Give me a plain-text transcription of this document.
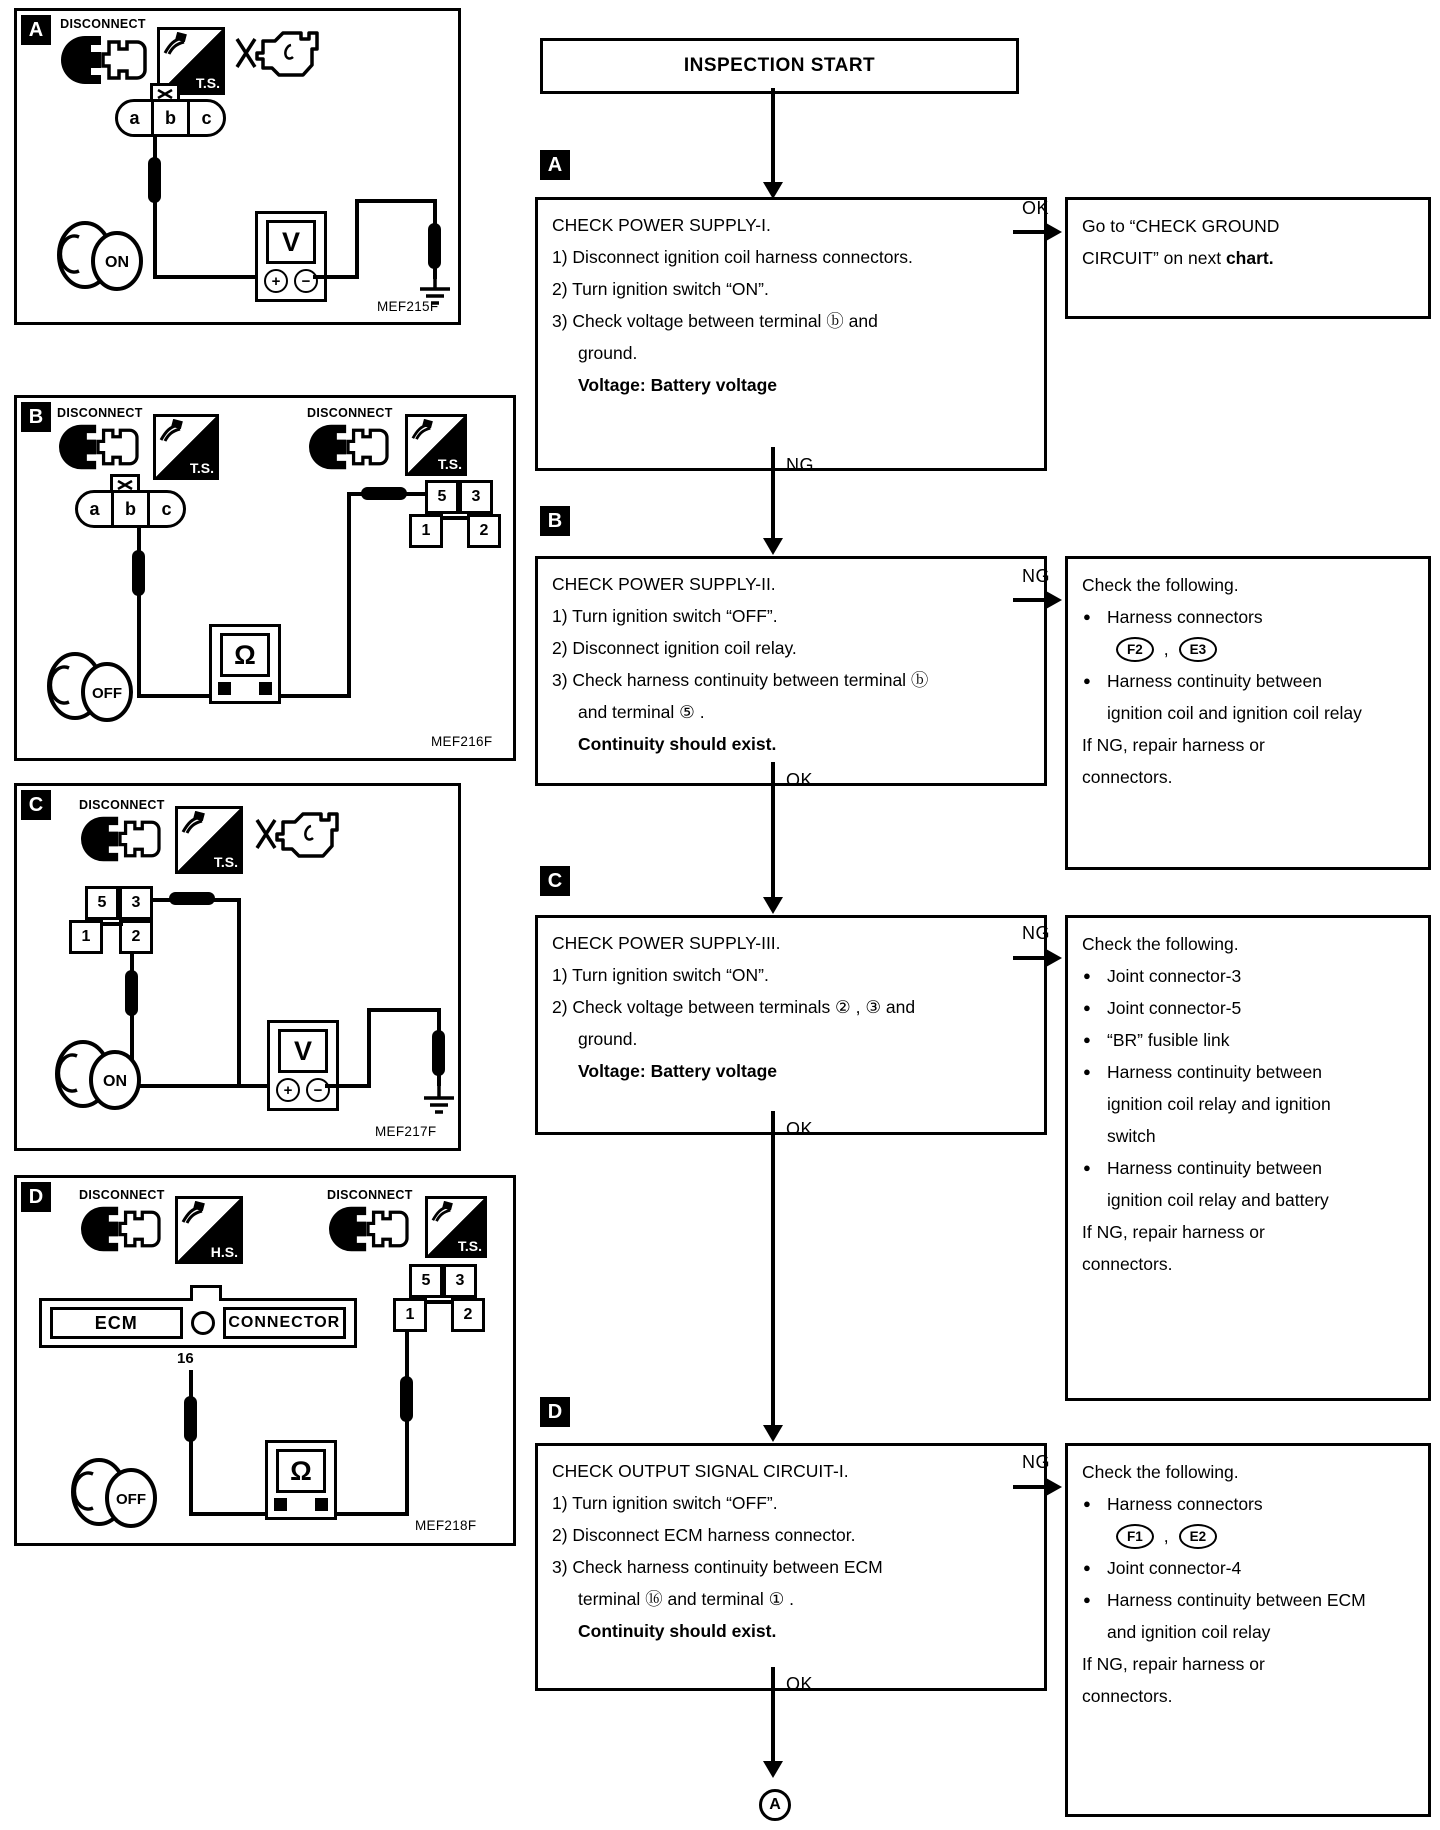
A	DISCONNECT
T.S.
a	b	c
V
+	−
ON
MEF215F
B	DISCONNECT
T.S.
DISCONNECT
T.S.
a	b	c
5 3
1	2
Ω
OFF
MEF216F
C	DISCONNECT
T.S.
5 3
1	2
V
+	−
ON
MEF217F
D	DISCONNECT
H.S.
DISCONNECT
T.S.
ECM	CONNECTOR
16
5 3
1	2
Ω
OFF
MEF218F
INSPECTION START
A
CHECK POWER SUPPLY-I.
1) Disconnect ignition coil harness connectors.
2) Turn ignition switch “ON”.
3) Check voltage between terminal ⓑ and ground.
Voltage: Battery voltage
OK
Go to “CHECK GROUND CIRCUIT” on next chart.
NG
B
CHECK POWER SUPPLY-II.
1) Turn ignition switch “OFF”.
2) Disconnect ignition coil relay.
3) Check harness continuity between terminal ⓑ and terminal ⑤ .
Continuity should exist.
NG Check the following.
● Harness connectors
F2	,	E3
● Harness continuity between ignition coil and ignition coil relay
If NG, repair harness or connectors.
OK
C
CHECK POWER SUPPLY-III.
1) Turn ignition switch “ON”.
2) Check voltage between terminals ② , ③ and ground.
Voltage: Battery voltage
NG
Check the following.
● Joint connector-3
● Joint connector-5
● “BR” fusible link
● Harness continuity between ignition coil relay and ignition switch
● Harness continuity between ignition coil relay and battery
If NG, repair harness or connectors.
OK
D
CHECK OUTPUT SIGNAL CIRCUIT-I.
1) Turn ignition switch “OFF”.
2) Disconnect ECM harness connector.
3) Check harness continuity between ECM terminal ⑯ and terminal ① .
Continuity should exist.
NG Check the following.
● Harness connectors
F1	,	E2
● Joint connector-4
● Harness continuity between ECM and ignition coil relay
If NG, repair harness or connectors.
OK
A
